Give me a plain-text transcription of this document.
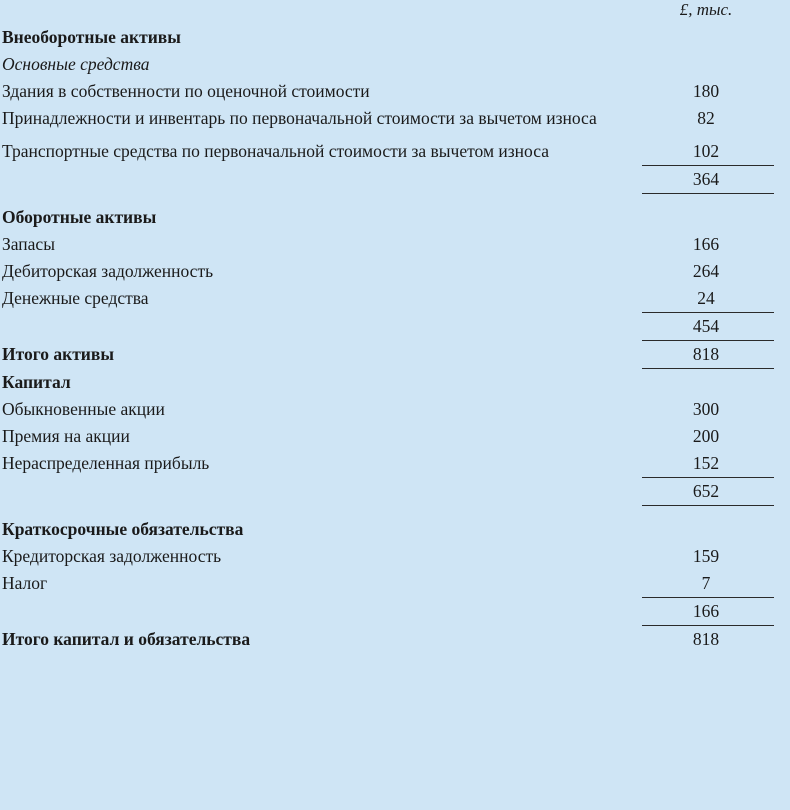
£, тыс.
Внеоборотные активы
Основные средства
Здания в собственности по оценочной стоимости	180
Принадлежности и инвентарь по первоначальной стоимости за вычетом износа	82
Транспортные средства по первоначальной стоимости за вычетом износа	102
364
Оборотные активы
Запасы	166
Дебиторская задолженность	264
Денежные средства	24
454
Итого активы	818
Капитал
Обыкновенные акции	300
Премия на акции	200
Нераспределенная прибыль	152
652
Краткосрочные обязательства
Кредиторская задолженность	159
Налог	7
166
Итого капитал и обязательства	818
